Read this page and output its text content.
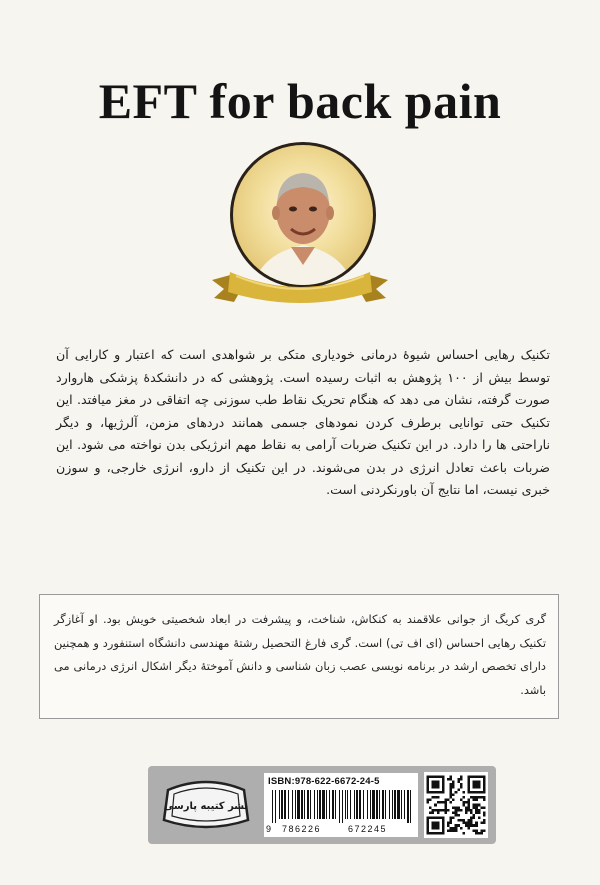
EFT for back pain
تکنیک رهایی احساس شیوهٔ درمانی خودیاری متکی بر شواهدی است که اعتبار و کارایی آن توسط بیش از ۱۰۰ پژوهش به اثبات رسیده است. پژوهشی که در دانشکدهٔ پزشکی هاروارد صورت گرفته، نشان می دهد که هنگام تحریک نقاط طب سوزنی چه اتفاقی در مغز میافتد. این تکنیک حتی توانایی برطرف کردن نمودهای جسمی همانند دردهای مزمن، آلرژیها، و دیگر ناراحتی ها را دارد. در این تکنیک ضربات آرامی به نقاط مهم انرژیکی بدن نواخته می شود. این ضربات باعث تعادل انرژی در بدن می‌شوند. در این تکنیک از دارو، انرژی خارجی، و سوزن خبری نیست، اما نتایج آن باورنکردنی است.
گری کریگ از جوانی علاقمند به کنکاش، شناخت، و پیشرفت در ابعاد شخصیتی خویش بود. او آغازگر تکنیک رهایی احساس (ای اف تی) است. گری فارغ التحصیل رشتهٔ مهندسی دانشگاه استنفورد و همچنین دارای تخصص ارشد در برنامه نویسی عصب زبان شناسی و دانش آموختهٔ دیگر اشکال انرژی درمانی می باشد.
نشر کتیبه پارسی
ISBN:978-622-6672-24-5
9 786226	672245
